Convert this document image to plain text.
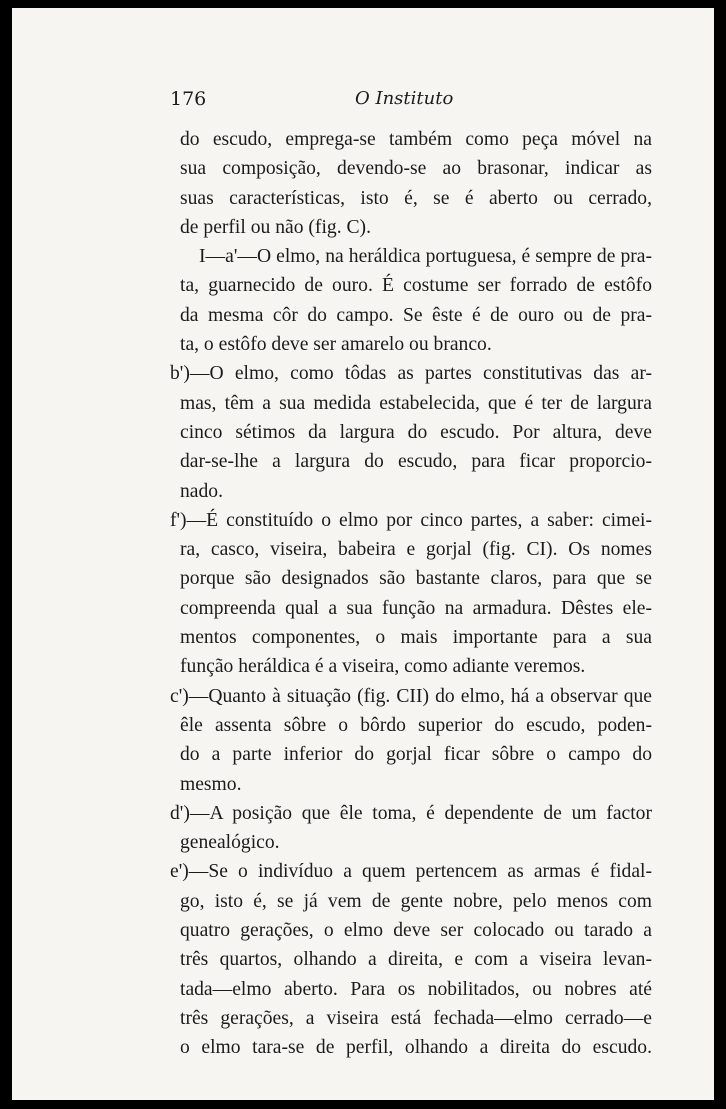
176	O Instituto
do escudo, emprega-se também como peça móvel na
sua composição, devendo-se ao brasonar, indicar as
suas características, isto é, se é aberto ou cerrado,
de perfil ou não (fig. C).
I—a'—O elmo, na heráldica portuguesa, é sempre de pra-
ta, guarnecido de ouro. É costume ser forrado de estôfo
da mesma côr do campo. Se êste é de ouro ou de pra-
ta, o estôfo deve ser amarelo ou branco.
b')—O elmo, como tôdas as partes constitutivas das ar-
mas, têm a sua medida estabelecida, que é ter de largura
cinco sétimos da largura do escudo. Por altura, deve
dar-se-lhe a largura do escudo, para ficar proporcio-
nado.
f')—É constituído o elmo por cinco partes, a saber: cimei-
ra, casco, viseira, babeira e gorjal (fig. CI). Os nomes
porque são designados são bastante claros, para que se
compreenda qual a sua função na armadura. Dêstes ele-
mentos componentes, o mais importante para a sua
função heráldica é a viseira, como adiante veremos.
c')—Quanto à situação (fig. CII) do elmo, há a observar que
êle assenta sôbre o bôrdo superior do escudo, poden-
do a parte inferior do gorjal ficar sôbre o campo do
mesmo.
d')—A posição que êle toma, é dependente de um factor
genealógico.
e')—Se o indivíduo a quem pertencem as armas é fidal-
go, isto é, se já vem de gente nobre, pelo menos com
quatro gerações, o elmo deve ser colocado ou tarado a
três quartos, olhando a direita, e com a viseira levan-
tada—elmo aberto. Para os nobilitados, ou nobres até
três gerações, a viseira está fechada—elmo cerrado—e
o elmo tara-se de perfil, olhando a direita do escudo.
